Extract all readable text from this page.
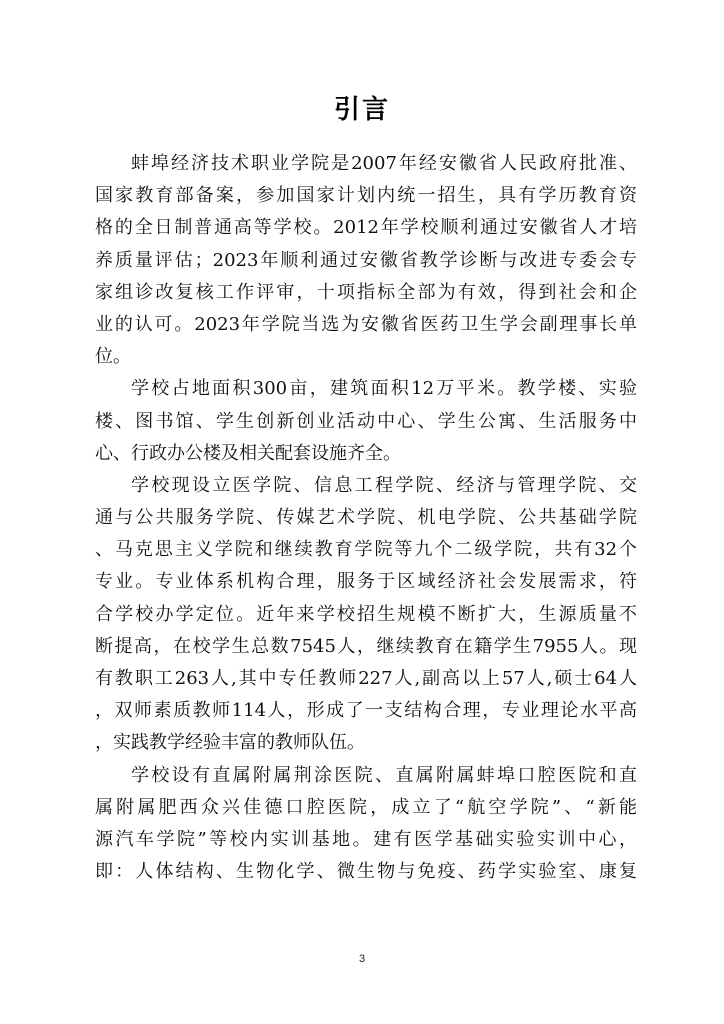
引言
蚌埠经济技术职业学院是2007年经安徽省人民政府批准、
国家教育部备案，参加国家计划内统一招生，具有学历教育资
格的全日制普通高等学校。2012年学校顺利通过安徽省人才培
养质量评估；2023年顺利通过安徽省教学诊断与改进专委会专
家组诊改复核工作评审，十项指标全部为有效，得到社会和企
业的认可。2023年学院当选为安徽省医药卫生学会副理事长单
位。
学校占地面积300亩，建筑面积12万平米。教学楼、实验
楼、图书馆、学生创新创业活动中心、学生公寓、生活服务中
心、行政办公楼及相关配套设施齐全。
学校现设立医学院、信息工程学院、经济与管理学院、交
通与公共服务学院、传媒艺术学院、机电学院、公共基础学院
、马克思主义学院和继续教育学院等九个二级学院，共有32个
专业。专业体系机构合理，服务于区域经济社会发展需求，符
合学校办学定位。近年来学校招生规模不断扩大，生源质量不
断提高，在校学生总数7545人，继续教育在籍学生7955人。现
有教职工263人,其中专任教师227人,副高以上57人,硕士64人
，双师素质教师114人，形成了一支结构合理，专业理论水平高
，实践教学经验丰富的教师队伍。
学校设有直属附属荆涂医院、直属附属蚌埠口腔医院和直
属附属肥西众兴佳德口腔医院，成立了“航空学院”、“新能
源汽车学院”等校内实训基地。建有医学基础实验实训中心，
即：人体结构、生物化学、微生物与免疫、药学实验室、康复
3
